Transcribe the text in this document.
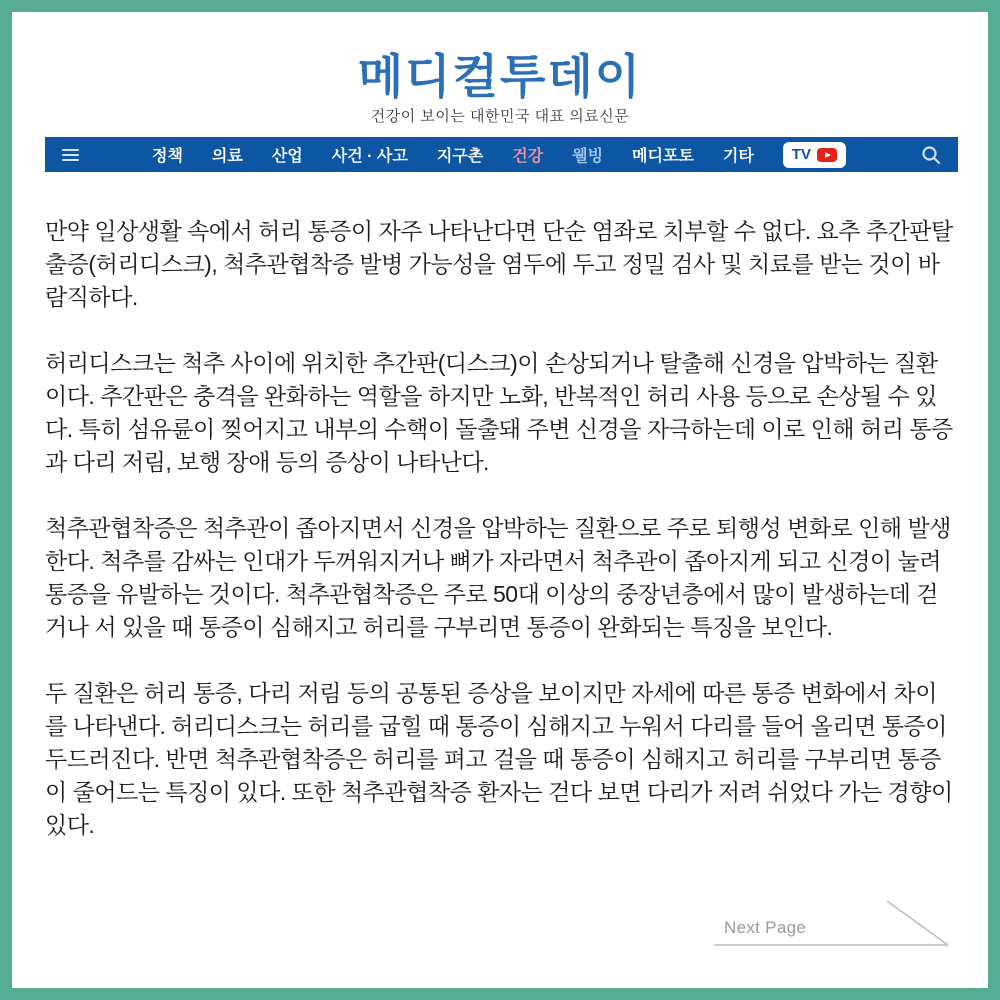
메디컬투데이
건강이 보이는 대한민국 대표 의료신문
정책 의료 산업 사건 · 사고 지구촌 건강 웰빙 메디포토 기타	TV

만약 일상생활 속에서 허리 통증이 자주 나타난다면 단순 염좌로 치부할 수 없다. 요추 추간판탈출증(허리디스크), 척추관협착증 발병 가능성을 염두에 두고 정밀 검사 및 치료를 받는 것이 바람직하다.

허리디스크는 척추 사이에 위치한 추간판(디스크)이 손상되거나 탈출해 신경을 압박하는 질환이다. 추간판은 충격을 완화하는 역할을 하지만 노화, 반복적인 허리 사용 등으로 손상될 수 있다. 특히 섬유륜이 찢어지고 내부의 수핵이 돌출돼 주변 신경을 자극하는데 이로 인해 허리 통증과 다리 저림, 보행 장애 등의 증상이 나타난다.

척추관협착증은 척추관이 좁아지면서 신경을 압박하는 질환으로 주로 퇴행성 변화로 인해 발생한다. 척추를 감싸는 인대가 두꺼워지거나 뼈가 자라면서 척추관이 좁아지게 되고 신경이 눌려 통증을 유발하는 것이다. 척추관협착증은 주로 50대 이상의 중장년층에서 많이 발생하는데 걷거나 서 있을 때 통증이 심해지고 허리를 구부리면 통증이 완화되는 특징을 보인다.

두 질환은 허리 통증, 다리 저림 등의 공통된 증상을 보이지만 자세에 따른 통증 변화에서 차이를 나타낸다. 허리디스크는 허리를 굽힐 때 통증이 심해지고 누워서 다리를 들어 올리면 통증이 두드러진다. 반면 척추관협착증은 허리를 펴고 걸을 때 통증이 심해지고 허리를 구부리면 통증이 줄어드는 특징이 있다. 또한 척추관협착증 환자는 걷다 보면 다리가 저려 쉬었다 가는 경향이 있다.

Next Page
